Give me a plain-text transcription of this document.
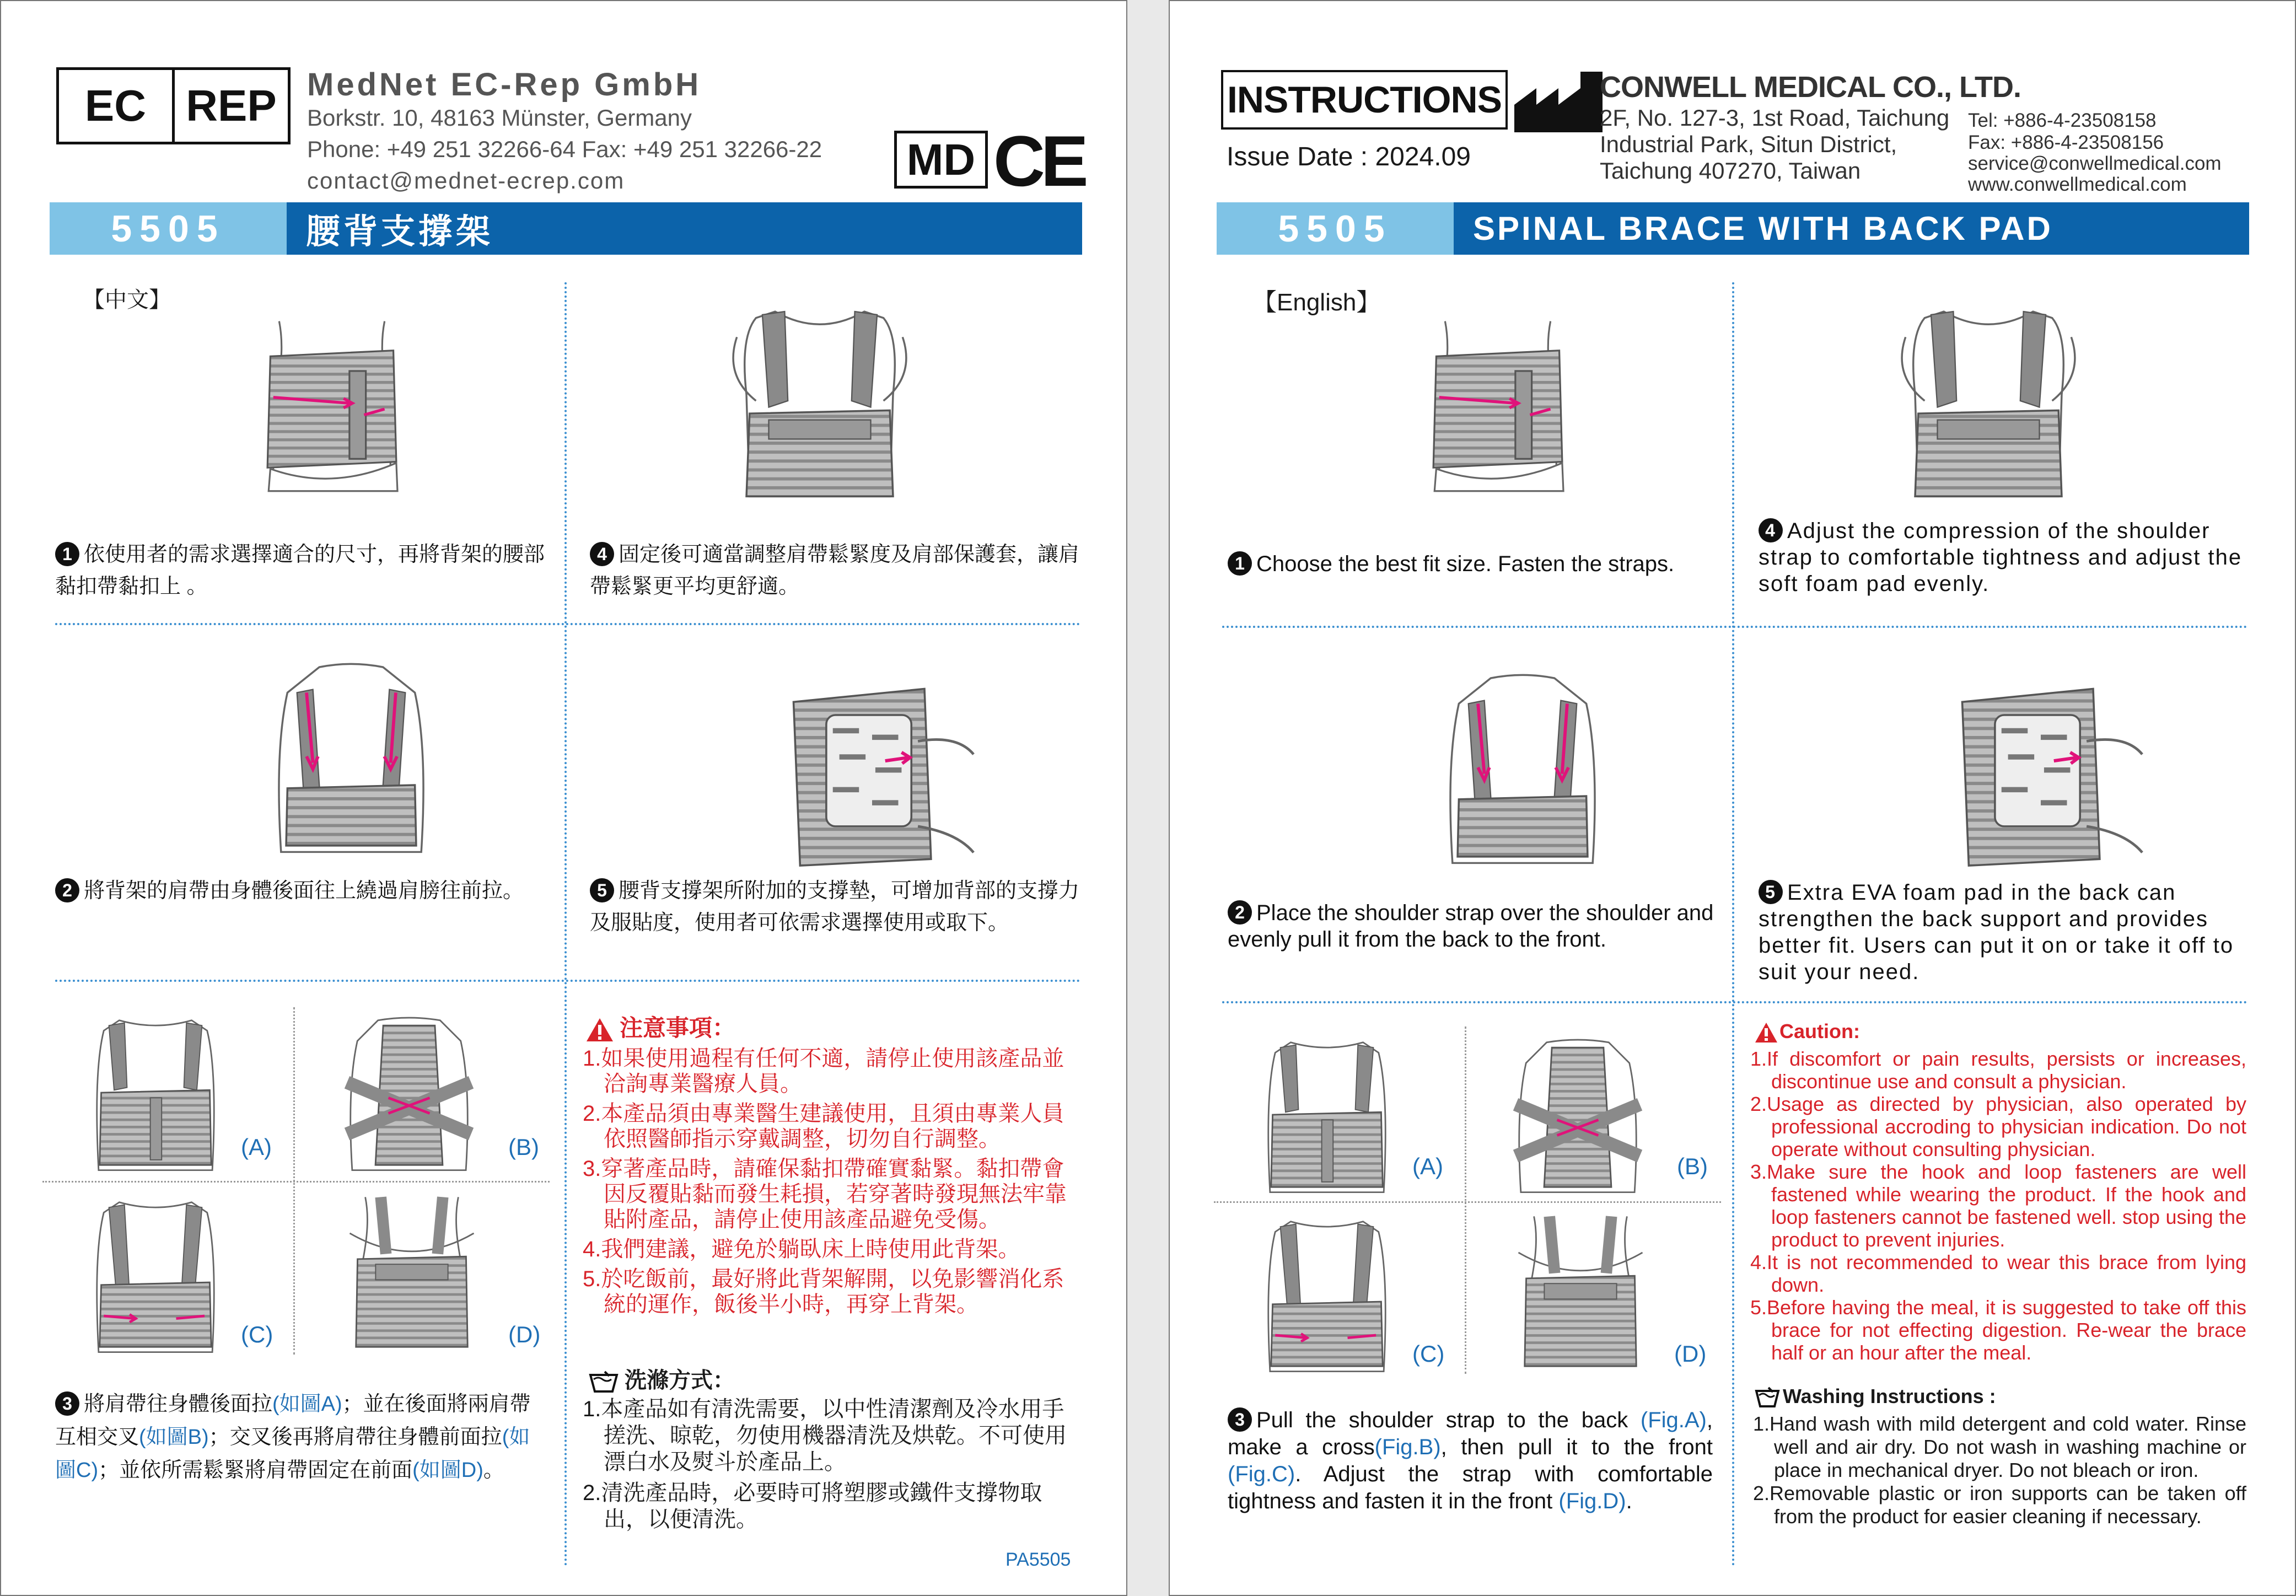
EC REP MedNet EC-Rep GmbH
Borkstr. 10, 48163 Münster, Germany
Phone: +49 251 32266-64 Fax: +49 251 32266-22
contact@mednet-ecrep.com	MD CE
5505	腰背支撐架
【中文】
1 依使用者的需求選擇適合的尺寸，再將背架的腰部黏扣帶黏扣上 。
4 固定後可適當調整肩帶鬆緊度及肩部保護套，讓肩帶鬆緊更平均更舒適。
2 將背架的肩帶由身體後面往上繞過肩膀往前拉。	5 腰背支撐架所附加的支撐墊，可增加背部的支撐力及服貼度，使用者可依需求選擇使用或取下。
(A)	(B)
(C)	(D)
3 將肩帶往身體後面拉(如圖A)；並在後面將兩肩帶互相交叉(如圖B)；交叉後再將肩帶往身體前面拉(如圖C)；並依所需鬆緊將肩帶固定在前面(如圖D)。
注意事項：
1.如果使用過程有任何不適，請停止使用該產品並洽詢專業醫療人員。
2.本產品須由專業醫生建議使用，且須由專業人員依照醫師指示穿戴調整，切勿自行調整。
3.穿著產品時，請確保黏扣帶確實黏緊。黏扣帶會因反覆貼黏而發生耗損，若穿著時發現無法牢靠貼附產品，請停止使用該產品避免受傷。
4.我們建議，避免於躺臥床上時使用此背架。
5.於吃飯前，最好將此背架解開，以免影響消化系統的運作，飯後半小時，再穿上背架。
洗滌方式：
1.本產品如有清洗需要，以中性清潔劑及冷水用手搓洗、晾乾，勿使用機器清洗及烘乾。不可使用漂白水及熨斗於產品上。
2.清洗產品時，必要時可將塑膠或鐵件支撐物取出，以便清洗。
PA5505
INSTRUCTIONS
Issue Date : 2024.09
CONWELL MEDICAL CO., LTD.
2F, No. 127-3, 1st Road, Taichung
Industrial Park, Situn District,
Taichung 407270, Taiwan
Tel: +886-4-23508158
Fax: +886-4-23508156
service@conwellmedical.com
www.conwellmedical.com
5505	SPINAL BRACE WITH BACK PAD
【English】
1 Choose the best fit size. Fasten the straps.
4 Adjust the compression of the shoulder strap to comfortable tightness and adjust the soft foam pad evenly.
2 Place the shoulder strap over the shoulder and evenly pull it from the back to the front.
5 Extra EVA foam pad in the back can strengthen the back support and provides better fit. Users can put it on or take it off to suit your need.
(A)	(B)
(C)	(D)
3 Pull the shoulder strap to the back (Fig.A), make a cross(Fig.B), then pull it to the front (Fig.C). Adjust the strap with comfortable tightness and fasten it in the front (Fig.D).
Caution:
1.If discomfort or pain results, persists or increases, discontinue use and consult a physician.
2.Usage as directed by physician, also operated by professional accroding to physician indication. Do not operate without consulting physician.
3.Make sure the hook and loop fasteners are well fastened while wearing the product. If the hook and loop fasteners cannot be fastened well. stop using the product to prevent injuries.
4.It is not recommended to wear this brace from lying down.
5.Before having the meal, it is suggested to take off this brace for not effecting digestion. Re-wear the brace half or an hour after the meal.
Washing Instructions :
1.Hand wash with mild detergent and cold water. Rinse well and air dry. Do not wash in washing machine or place in mechanical dryer. Do not bleach or iron.
2.Removable plastic or iron supports can be taken off from the product for easier cleaning if necessary.
